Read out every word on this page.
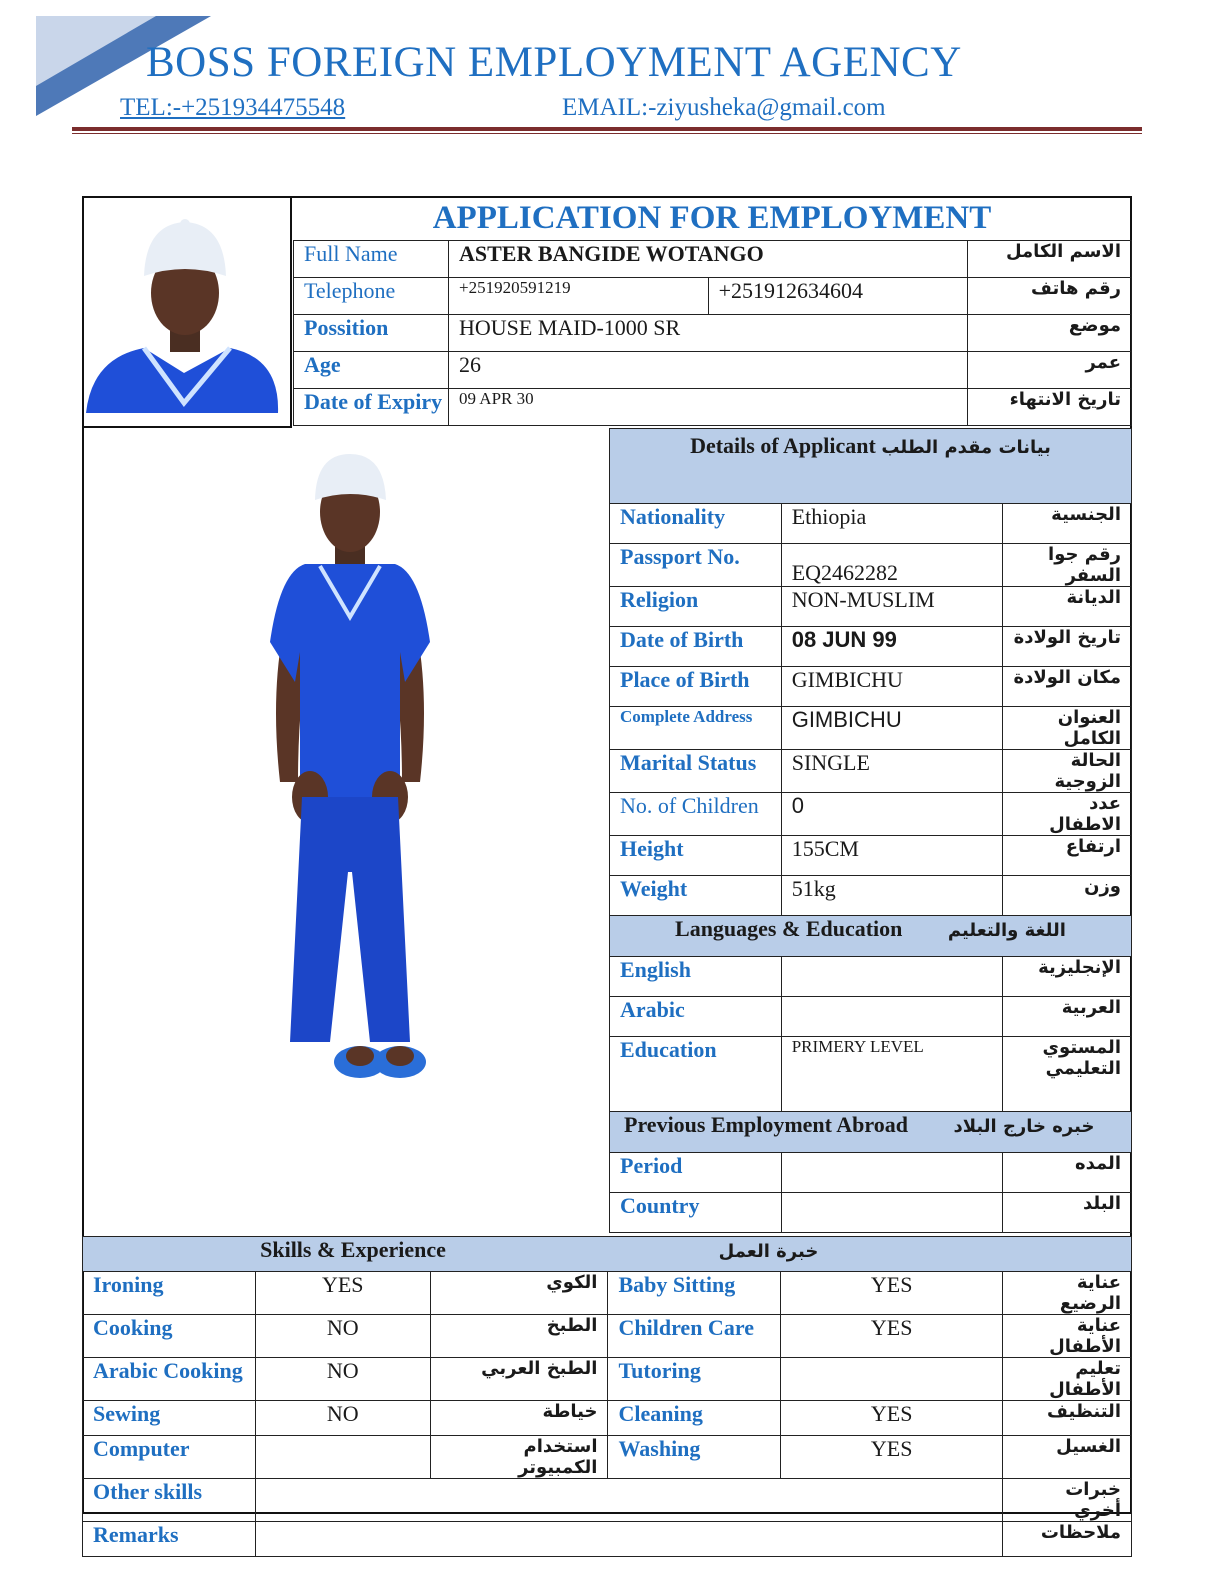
BOSS FOREIGN EMPLOYMENT AGENCY
TEL:-+251934475548	EMAIL:-ziyusheka@gmail.com
APPLICATION FOR EMPLOYMENT
Full Name	ASTER BANGIDE WOTANGO		الاسم الكامل
Telephone	+251920591219	+251912634604	رقم هاتف
Possition	HOUSE MAID-1000 SR		موضع
Age	26		عمر
Date of Expiry	09 APR 30		تاريخ الانتهاء
Details of Applicant بيانات مقدم الطلب		
Nationality	Ethiopia	الجنسية
Passport No.	EQ2462282	رقم جوا السفر
Religion	NON-MUSLIM	الديانة
Date of Birth	08 JUN 99	تاريخ الولادة
Place of Birth	GIMBICHU	مكان الولادة
Complete Address	GIMBICHU	العنوان الكامل
Marital Status	SINGLE	الحالة الزوجية
No. of Children	0	عدد الاطفال
Height	155CM	ارتفاع
Weight	51kg	وزن
Languages & Education اللغة والتعليم		
English		الإنجليزية
Arabic		العربية
Education	PRIMERY LEVEL	المستوي التعليمي
Previous Employment Abroad خبره خارج البلاد		
Period		المده
Country		البلد
Skills & Experience خبرة العمل					
Ironing	YES	الكوي	Baby Sitting	YES	عناية الرضيع
Cooking	NO	الطبخ	Children Care	YES	عناية الأطفال
Arabic Cooking	NO	الطبخ العربي	Tutoring		تعليم الأطفال
Sewing	NO	خياطة	Cleaning	YES	التنظيف
Computer		استخدام الكمبيوتر	Washing	YES	الغسيل
Other skills					خبرات أخري
Remarks					ملاحظات
